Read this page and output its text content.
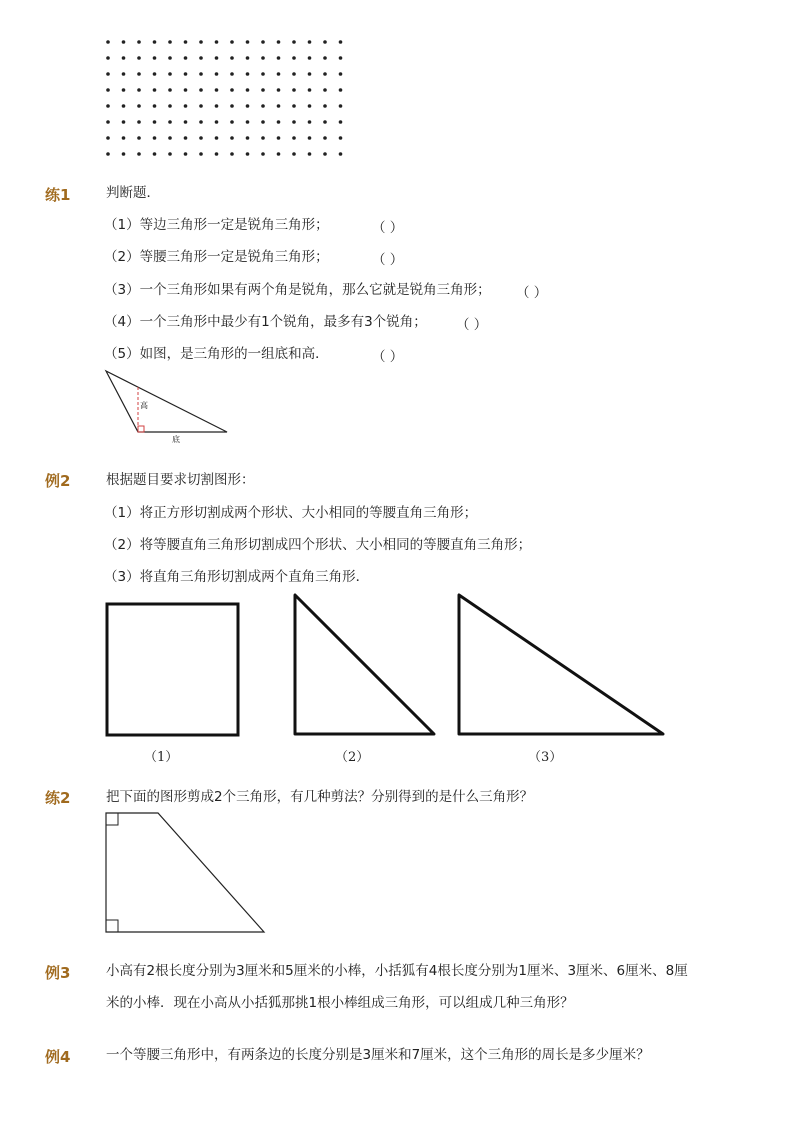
练1	判断题．
（1）等边三角形一定是锐角三角形；	（ ）
（2）等腰三角形一定是锐角三角形；	（ ）
（3）一个三角形如果有两个角是锐角，那么它就是锐角三角形； （ ）
（4）一个三角形中最少有1个锐角，最多有3个锐角； （ ）
（5）如图，是三角形的一组底和高．	（ ）
高
底
例2	根据题目要求切割图形：
（1）将正方形切割成两个形状、大小相同的等腰直角三角形；
（2）将等腰直角三角形切割成四个形状、大小相同的等腰直角三角形；
（3）将直角三角形切割成两个直角三角形．
（1）	（2）	（3）
练2	把下面的图形剪成2个三角形，有几种剪法？分别得到的是什么三角形？
例3	小高有2根长度分别为3厘米和5厘米的小棒，小括狐有4根长度分别为1厘米、3厘米、6厘米、8厘
米的小棒．现在小高从小括狐那挑1根小棒组成三角形，可以组成几种三角形？
例4	一个等腰三角形中，有两条边的长度分别是3厘米和7厘米，这个三角形的周长是多少厘米？
